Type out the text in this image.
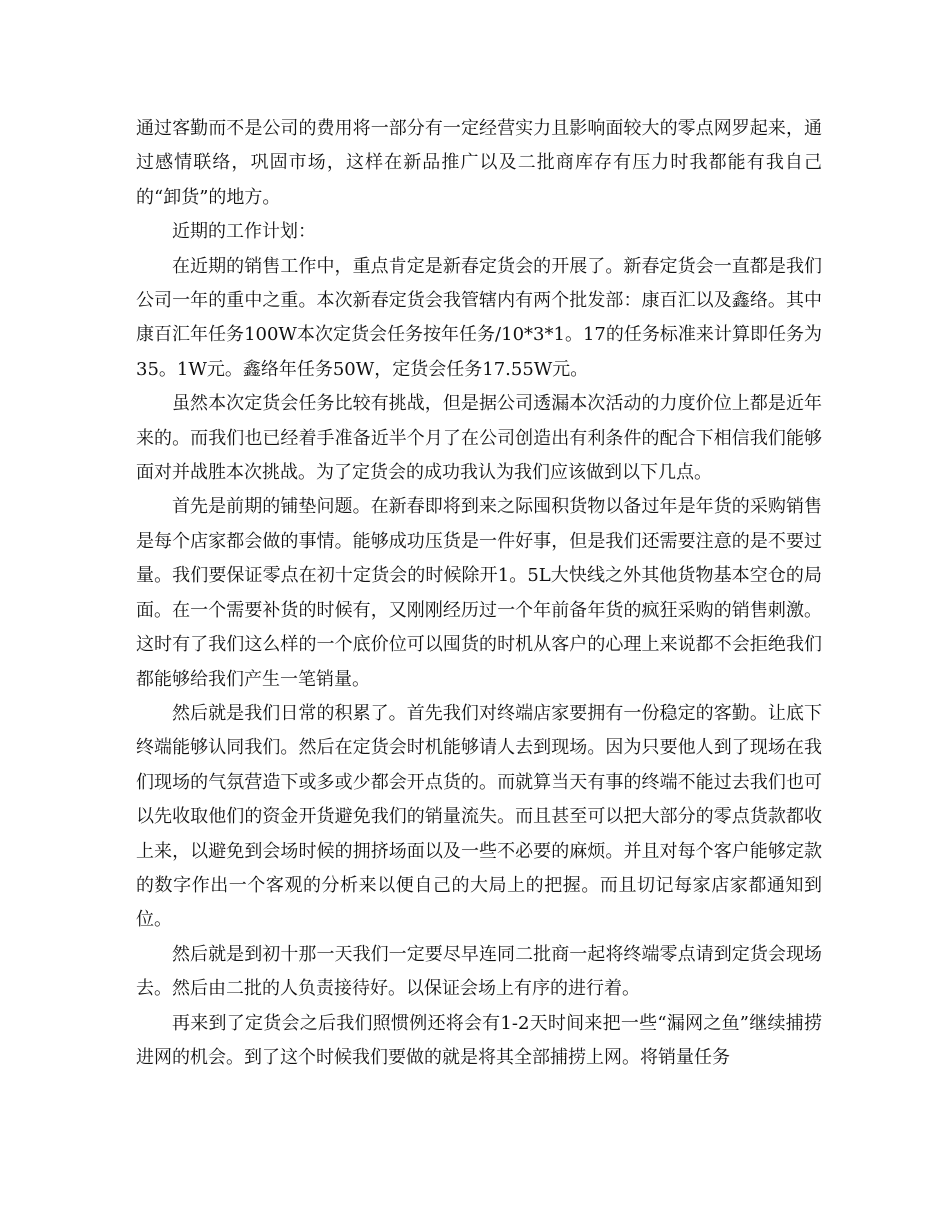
通过客勤而不是公司的费用将一部分有一定经营实力且影响面较大的零点网罗起来，通过感情联络，巩固市场，这样在新品推广以及二批商库存有压力时我都能有我自己的“卸货”的地方。

近期的工作计划：

在近期的销售工作中，重点肯定是新春定货会的开展了。新春定货会一直都是我们公司一年的重中之重。本次新春定货会我管辖内有两个批发部：康百汇以及鑫络。其中康百汇年任务100W本次定货会任务按年任务/10*3*1。17的任务标准来计算即任务为35。1W元。鑫络年任务50W，定货会任务17.55W元。

虽然本次定货会任务比较有挑战，但是据公司透漏本次活动的力度价位上都是近年来的。而我们也已经着手准备近半个月了在公司创造出有利条件的配合下相信我们能够面对并战胜本次挑战。为了定货会的成功我认为我们应该做到以下几点。

首先是前期的铺垫问题。在新春即将到来之际囤积货物以备过年是年货的采购销售是每个店家都会做的事情。能够成功压货是一件好事，但是我们还需要注意的是不要过量。我们要保证零点在初十定货会的时候除开1。5L大快线之外其他货物基本空仓的局面。在一个需要补货的时候有，又刚刚经历过一个年前备年货的疯狂采购的销售刺激。这时有了我们这么样的一个底价位可以囤货的时机从客户的心理上来说都不会拒绝我们都能够给我们产生一笔销量。

然后就是我们日常的积累了。首先我们对终端店家要拥有一份稳定的客勤。让底下终端能够认同我们。然后在定货会时机能够请人去到现场。因为只要他人到了现场在我们现场的气氛营造下或多或少都会开点货的。而就算当天有事的终端不能过去我们也可以先收取他们的资金开货避免我们的销量流失。而且甚至可以把大部分的零点货款都收上来，以避免到会场时候的拥挤场面以及一些不必要的麻烦。并且对每个客户能够定款的数字作出一个客观的分析来以便自己的大局上的把握。而且切记每家店家都通知到位。

然后就是到初十那一天我们一定要尽早连同二批商一起将终端零点请到定货会现场去。然后由二批的人负责接待好。以保证会场上有序的进行着。

再来到了定货会之后我们照惯例还将会有1-2天时间来把一些“漏网之鱼”继续捕捞进网的机会。到了这个时候我们要做的就是将其全部捕捞上网。将销量任务
